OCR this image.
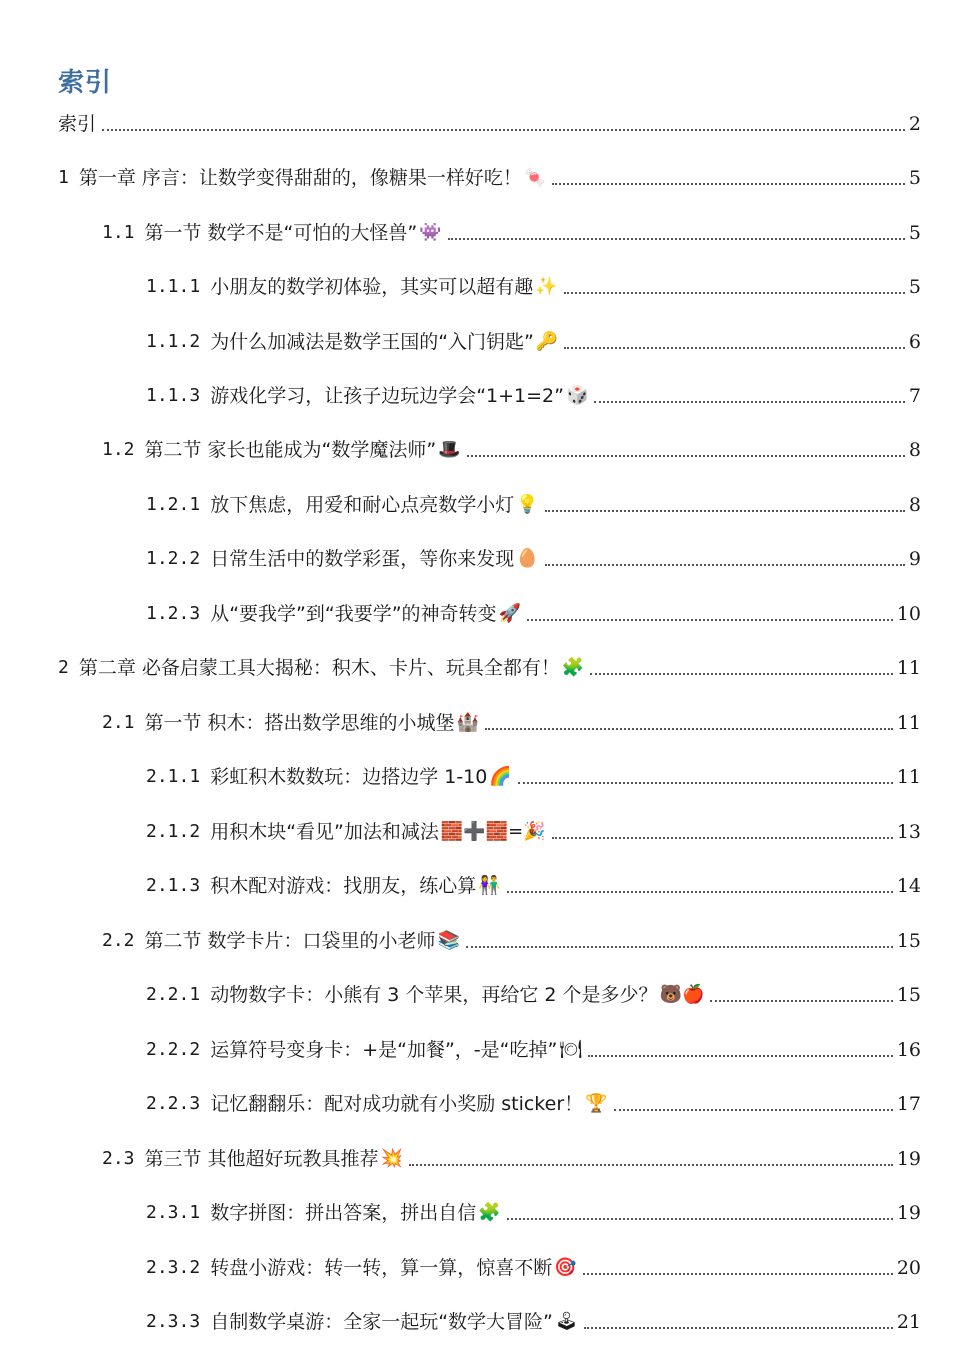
索引
索引	2
1 第一章 序言：让数学变得甜甜的，像糖果一样好吃！ 🍬	5
1.1 第一节 数学不是“可怕的大怪兽” 👾	5
1.1.1 小朋友的数学初体验，其实可以超有趣 ✨	5
1.1.2 为什么加减法是数学王国的“入门钥匙” 🔑	6
1.1.3 游戏化学习，让孩子边玩边学会“1+1=2” 🎲	7
1.2 第二节 家长也能成为“数学魔法师” 🎩	8
1.2.1 放下焦虑，用爱和耐心点亮数学小灯 💡	8
1.2.2 日常生活中的数学彩蛋，等你来发现 🥚	9
1.2.3 从“要我学”到“我要学”的神奇转变 🚀	10
2 第二章 必备启蒙工具大揭秘：积木、卡片、玩具全都有！ 🧩	11
2.1 第一节 积木：搭出数学思维的小城堡 🏰	11
2.1.1 彩虹积木数数玩：边搭边学 1-10 🌈	11
2.1.2 用积木块“看见”加法和减法 🧱➕🧱=🎉	13
2.1.3 积木配对游戏：找朋友，练心算 👫	14
2.2 第二节 数学卡片：口袋里的小老师 📚	15
2.2.1 动物数字卡：小熊有 3 个苹果，再给它 2 个是多少？ 🐻🍎	15
2.2.2 运算符号变身卡：+是“加餐”，-是“吃掉” 🍽	16
2.2.3 记忆翻翻乐：配对成功就有小奖励 sticker！ 🏆	17
2.3 第三节 其他超好玩教具推荐 💥	19
2.3.1 数字拼图：拼出答案，拼出自信 🧩	19
2.3.2 转盘小游戏：转一转，算一算，惊喜不断 🎯	20
2.3.3 自制数学桌游：全家一起玩“数学大冒险” 🕹	21
